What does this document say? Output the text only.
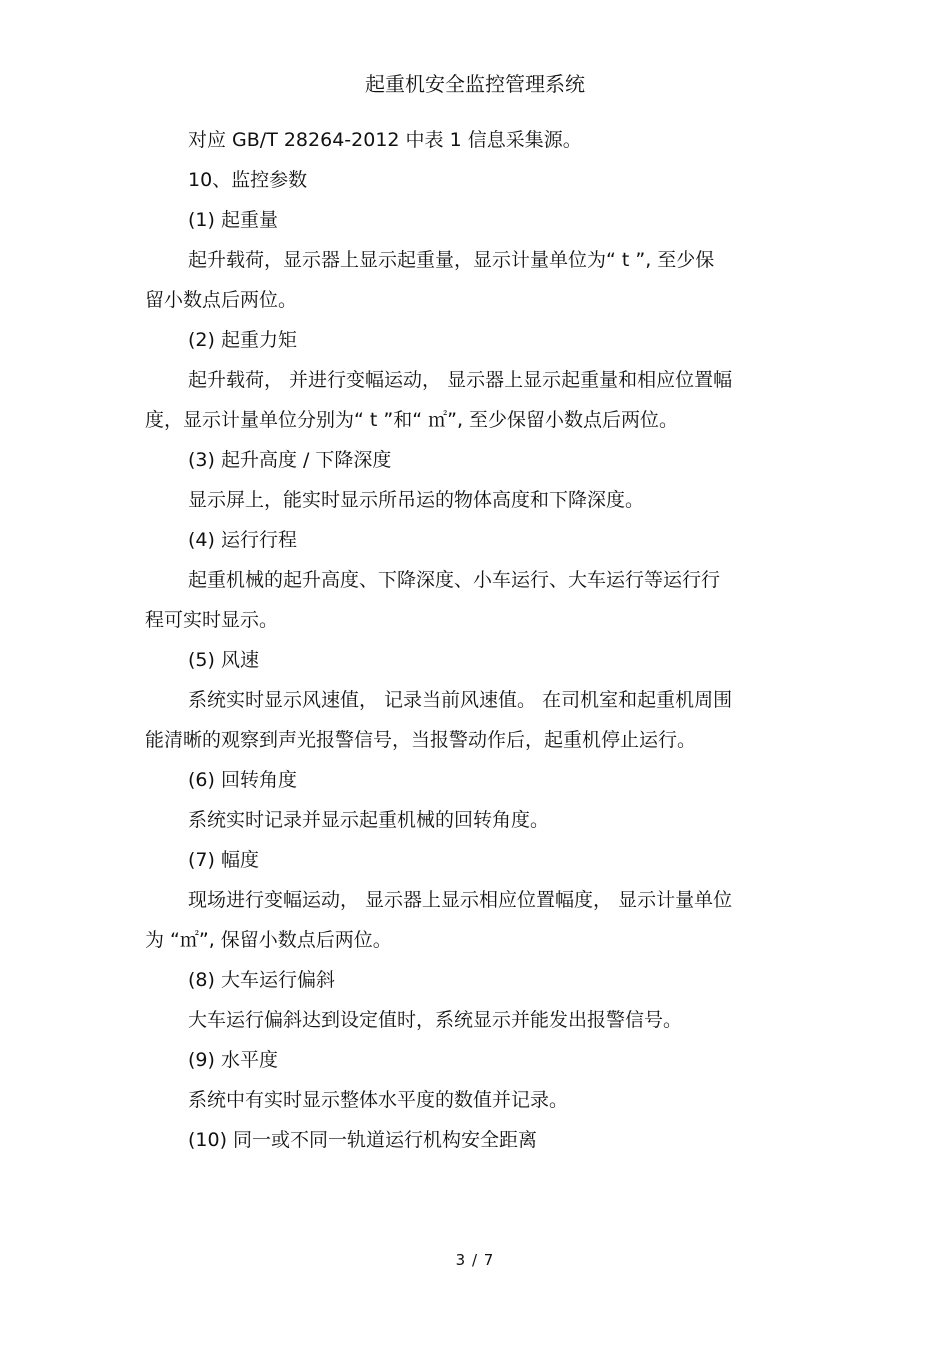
起重机安全监控管理系统

对应 GB/T 28264-2012 中表 1 信息采集源。

10、监控参数

(1) 起重量

起升载荷，显示器上显示起重量，显示计量单位为“ t ”, 至少保

留小数点后两位。

(2) 起重力矩

起升载荷， 并进行变幅运动， 显示器上显示起重量和相应位置幅

度，显示计量单位分别为“ t ”和“ ㎡”, 至少保留小数点后两位。

(3) 起升高度 / 下降深度

显示屏上，能实时显示所吊运的物体高度和下降深度。

(4) 运行行程

起重机械的起升高度、下降深度、小车运行、大车运行等运行行

程可实时显示。

(5) 风速

系统实时显示风速值， 记录当前风速值。 在司机室和起重机周围

能清晰的观察到声光报警信号，当报警动作后，起重机停止运行。

(6) 回转角度

系统实时记录并显示起重机械的回转角度。

(7) 幅度

现场进行变幅运动， 显示器上显示相应位置幅度， 显示计量单位

为 “㎡”, 保留小数点后两位。

(8) 大车运行偏斜

大车运行偏斜达到设定值时，系统显示并能发出报警信号。

(9) 水平度

系统中有实时显示整体水平度的数值并记录。

(10) 同一或不同一轨道运行机构安全距离

3 / 7
